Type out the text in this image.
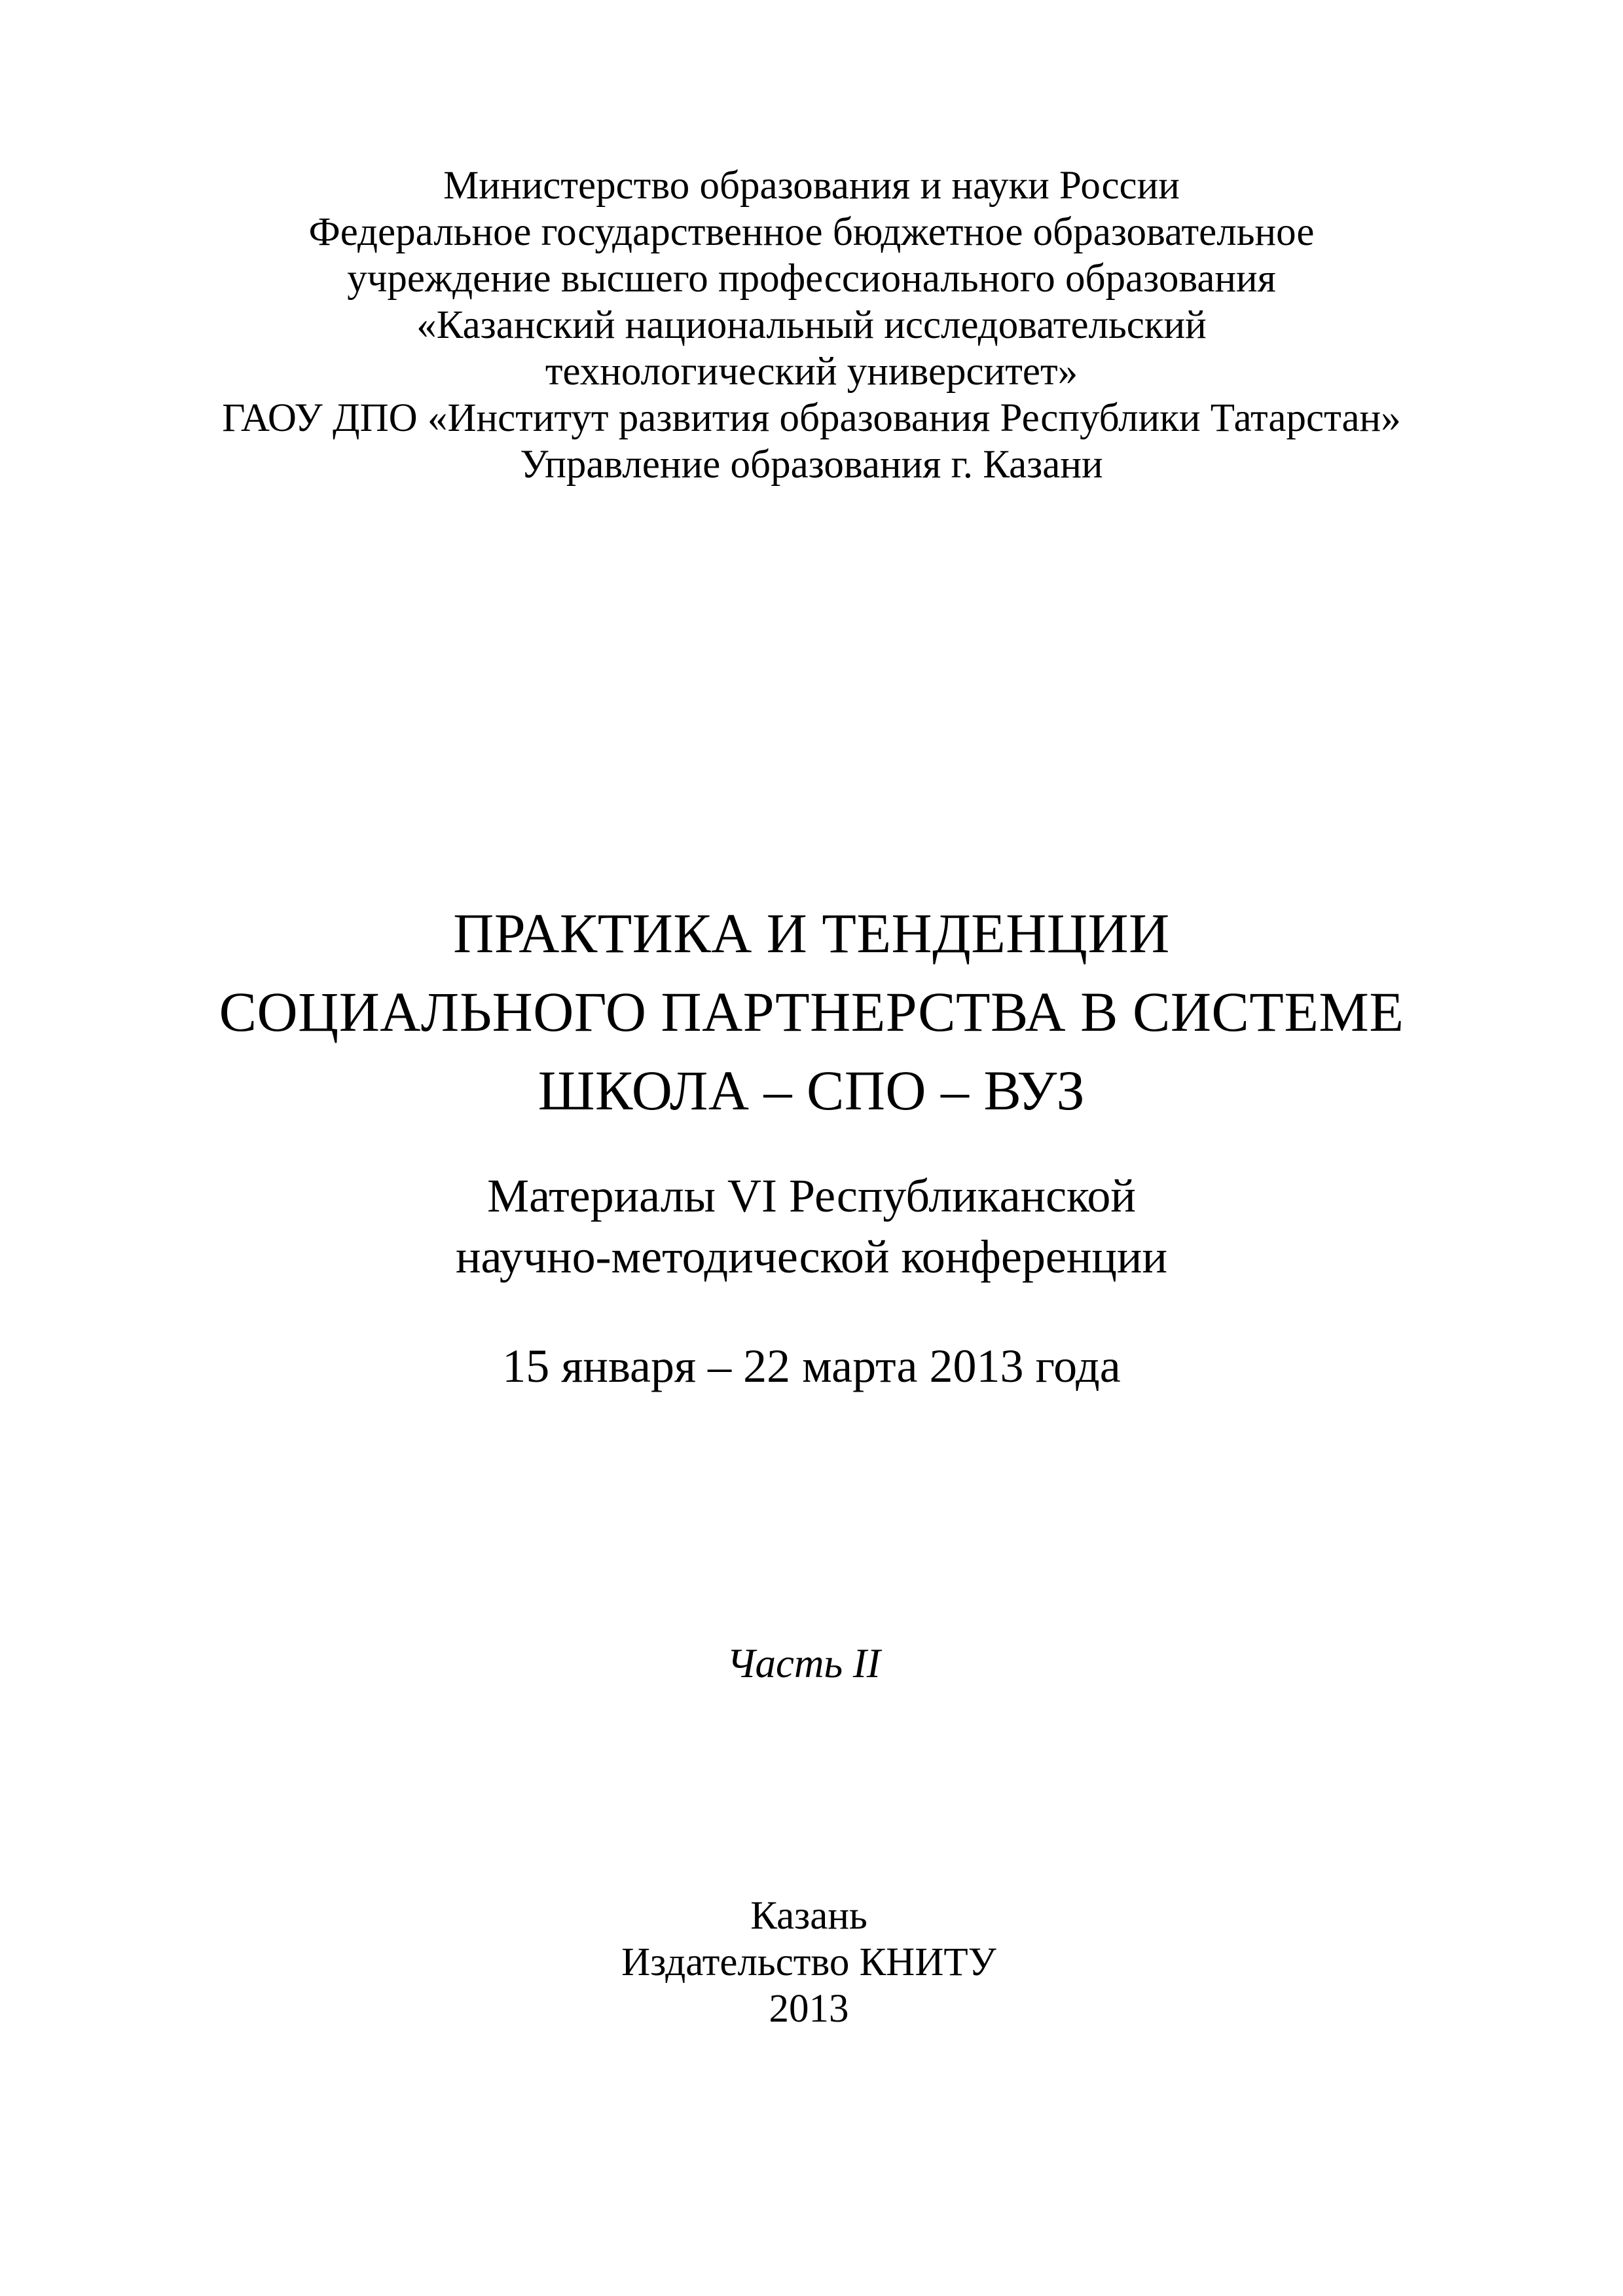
Министерство образования и науки России
Федеральное государственное бюджетное образовательное
учреждение высшего профессионального образования
«Казанский национальный исследовательский
технологический университет»
ГАОУ ДПО «Институт развития образования Республики Татарстан»
Управление образования г. Казани
ПРАКТИКА И ТЕНДЕНЦИИ
СОЦИАЛЬНОГО ПАРТНЕРСТВА В СИСТЕМЕ
ШКОЛА – СПО – ВУЗ
Материалы VI Республиканской
научно-методической конференции
15 января – 22 марта 2013 года
Часть II
Казань
Издательство КНИТУ
2013
